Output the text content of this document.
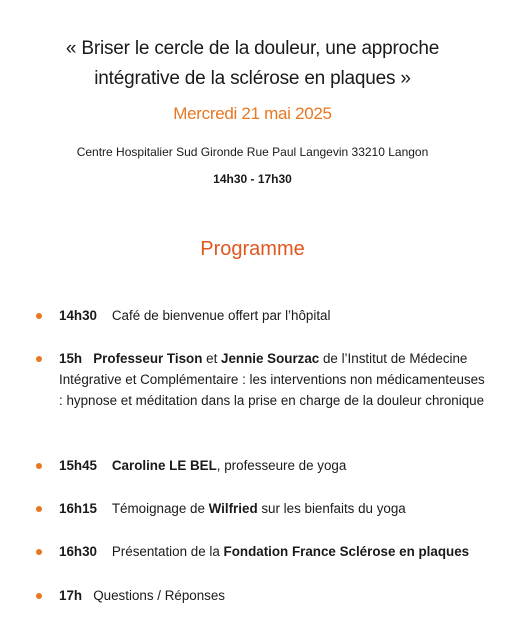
« Briser le cercle de la douleur, une approche
intégrative de la sclérose en plaques »
Mercredi 21 mai 2025
Centre Hospitalier Sud Gironde Rue Paul Langevin 33210 Langon
14h30 - 17h30
Programme
14h30 Café de bienvenue offert par l’hôpital
15h Professeur Tison et Jennie Sourzac de l’Institut de Médecine Intégrative et Complémentaire : les interventions non médicamenteuses : hypnose et méditation dans la prise en charge de la douleur chronique
15h45 Caroline LE BEL, professeure de yoga
16h15 Témoignage de Wilfried sur les bienfaits du yoga
16h30 Présentation de la Fondation France Sclérose en plaques
17h Questions / Réponses
